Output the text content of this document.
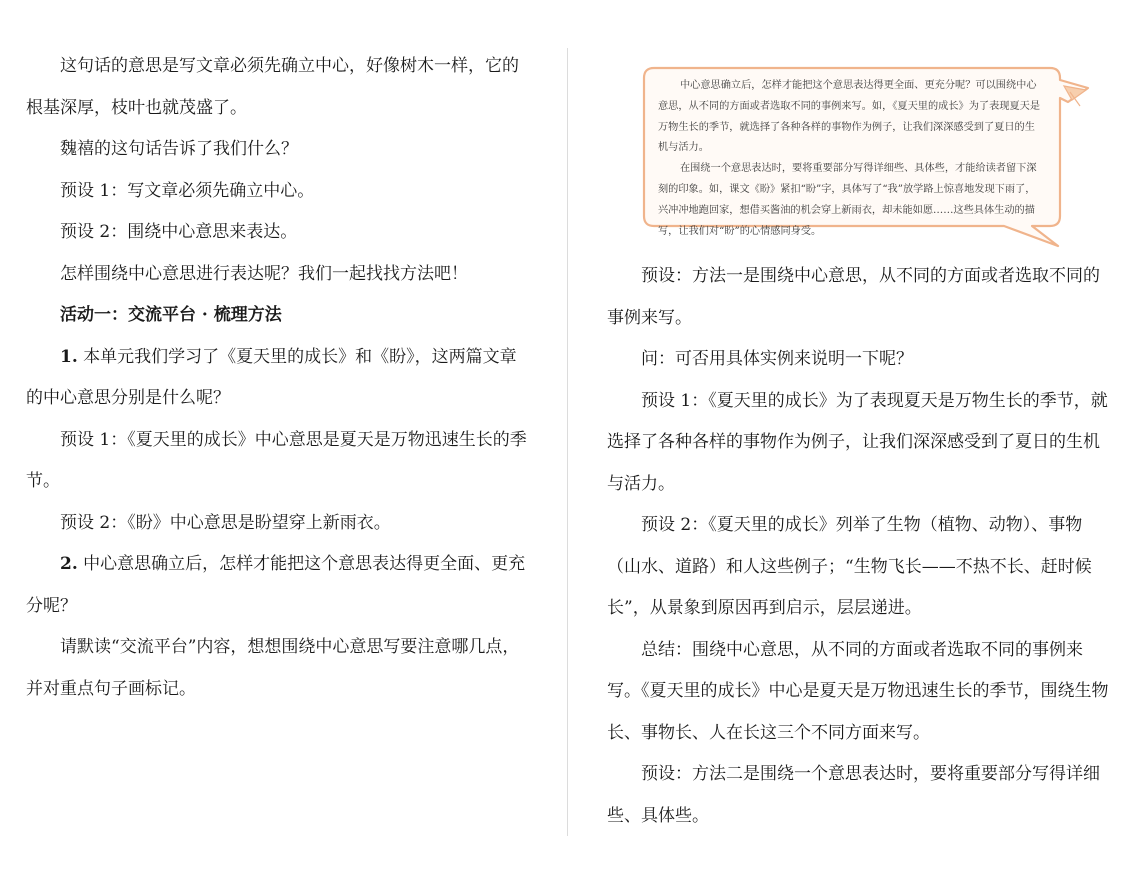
这句话的意思是写文章必须先确立中心，好像树木一样，它的根基深厚，枝叶也就茂盛了。

魏禧的这句话告诉了我们什么？

预设 1：写文章必须先确立中心。

预设 2：围绕中心意思来表达。

怎样围绕中心意思进行表达呢？我们一起找找方法吧！

活动一：交流平台 · 梳理方法

1. 本单元我们学习了《夏天里的成长》和《盼》，这两篇文章的中心意思分别是什么呢？

预设 1：《夏天里的成长》中心意思是夏天是万物迅速生长的季节。

预设 2：《盼》中心意思是盼望穿上新雨衣。

2. 中心意思确立后，怎样才能把这个意思表达得更全面、更充分呢？

请默读“交流平台”内容，想想围绕中心意思写要注意哪几点，并对重点句子画标记。

中心意思确立后，怎样才能把这个意思表达得更全面、更充分呢？可以围绕中心意思，从不同的方面或者选取不同的事例来写。如，《夏天里的成长》为了表现夏天是万物生长的季节，就选择了各种各样的事物作为例子，让我们深深感受到了夏日的生机与活力。

在围绕一个意思表达时，要将重要部分写得详细些、具体些，才能给读者留下深刻的印象。如，课文《盼》紧扣“盼”字，具体写了“我”放学路上惊喜地发现下雨了，兴冲冲地跑回家，想借买酱油的机会穿上新雨衣，却未能如愿……这些具体生动的描写，让我们对“盼”的心情感同身受。

预设：方法一是围绕中心意思，从不同的方面或者选取不同的事例来写。

问：可否用具体实例来说明一下呢？

预设 1：《夏天里的成长》为了表现夏天是万物生长的季节，就选择了各种各样的事物作为例子，让我们深深感受到了夏日的生机与活力。

预设 2：《夏天里的成长》列举了生物（植物、动物）、事物（山水、道路）和人这些例子；“生物飞长——不热不长、赶时候长”，从景象到原因再到启示，层层递进。

总结：围绕中心意思，从不同的方面或者选取不同的事例来写。《夏天里的成长》中心是夏天是万物迅速生长的季节，围绕生物长、事物长、人在长这三个不同方面来写。

预设：方法二是围绕一个意思表达时，要将重要部分写得详细些、具体些。
